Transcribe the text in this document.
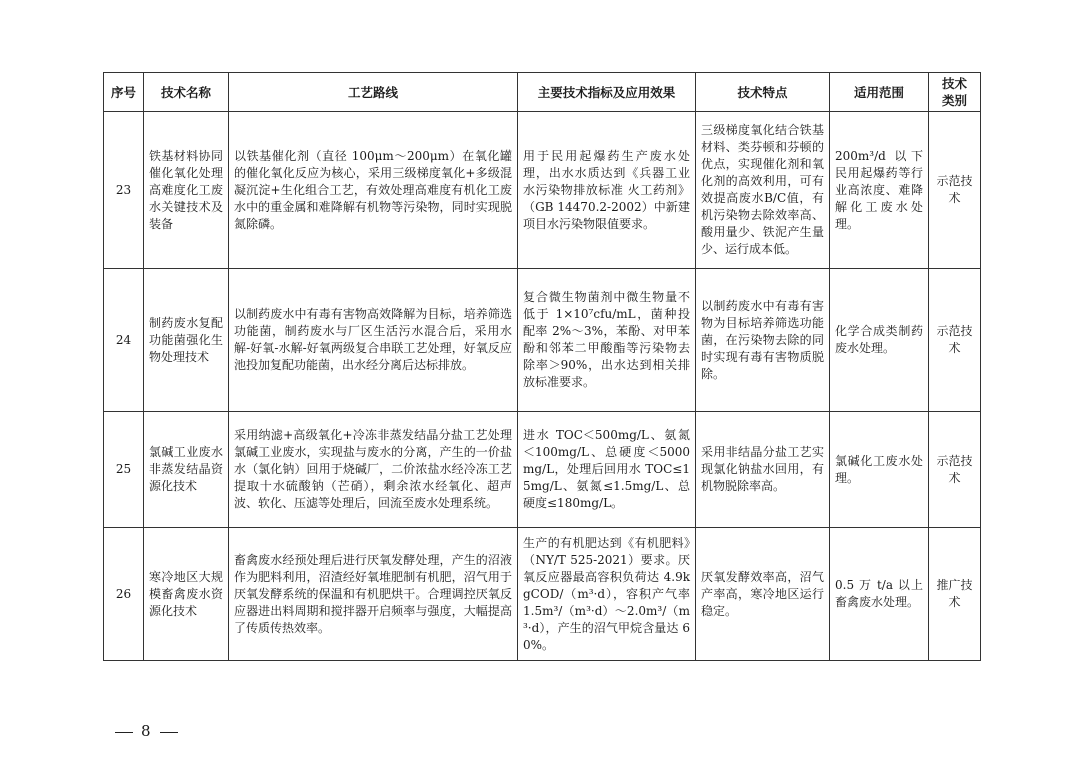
序号	技术名称	工艺路线	主要技术指标及应用效果	技术特点	适用范围	技术类别
23	铁基材料协同催化氧化处理高难度化工废水关键技术及装备	以铁基催化剂（直径 100μm～200μm）在氧化罐的催化氧化反应为核心，采用三级梯度氧化+多级混凝沉淀+生化组合工艺，有效处理高难度有机化工废水中的重金属和难降解有机物等污染物，同时实现脱氮除磷。	用于民用起爆药生产废水处理，出水水质达到《兵器工业水污染物排放标准 火工药剂》（GB 14470.2-2002）中新建项目水污染物限值要求。	三级梯度氧化结合铁基材料、类芬顿和芬顿的优点，实现催化剂和氧化剂的高效利用，可有效提高废水B/C值，有机污染物去除效率高、酸用量少、铁泥产生量少、运行成本低。	200m³/d 以下民用起爆药等行业高浓度、难降解化工废水处理。	示范技术
24	制药废水复配功能菌强化生物处理技术	以制药废水中有毒有害物高效降解为目标，培养筛选功能菌，制药废水与厂区生活污水混合后，采用水解-好氧-水解-好氧两级复合串联工艺处理，好氧反应池投加复配功能菌，出水经分离后达标排放。	复合微生物菌剂中微生物量不低于 1×10⁷cfu/mL，菌种投配率 2%～3%，苯酚、对甲苯酚和邻苯二甲酸酯等污染物去除率＞90%，出水达到相关排放标准要求。	以制药废水中有毒有害物为目标培养筛选功能菌，在污染物去除的同时实现有毒有害物质脱除。	化学合成类制药废水处理。	示范技术
25	氯碱工业废水非蒸发结晶资源化技术	采用纳滤+高级氧化+冷冻非蒸发结晶分盐工艺处理氯碱工业废水，实现盐与废水的分离，产生的一价盐水（氯化钠）回用于烧碱厂，二价浓盐水经冷冻工艺提取十水硫酸钠（芒硝），剩余浓水经氧化、超声波、软化、压滤等处理后，回流至废水处理系统。	进水 TOC＜500mg/L、氨氮＜100mg/L、总硬度＜5000mg/L，处理后回用水 TOC≤15mg/L、氨氮≤1.5mg/L、总硬度≤180mg/L。	采用非结晶分盐工艺实现氯化钠盐水回用，有机物脱除率高。	氯碱化工废水处理。	示范技术
26	寒冷地区大规模畜禽废水资源化技术	畜禽废水经预处理后进行厌氧发酵处理，产生的沼液作为肥料利用，沼渣经好氧堆肥制有机肥，沼气用于厌氧发酵系统的保温和有机肥烘干。合理调控厌氧反应器进出料周期和搅拌器开启频率与强度，大幅提高了传质传热效率。	生产的有机肥达到《有机肥料》（NY/T 525-2021）要求。厌氧反应器最高容积负荷达 4.9kgCOD/（m³·d），容积产气率 1.5m³/（m³·d）～2.0m³/（m³·d），产生的沼气甲烷含量达 60%。	厌氧发酵效率高，沼气产率高，寒冷地区运行稳定。	0.5 万 t/a 以上畜禽废水处理。	推广技术
8
